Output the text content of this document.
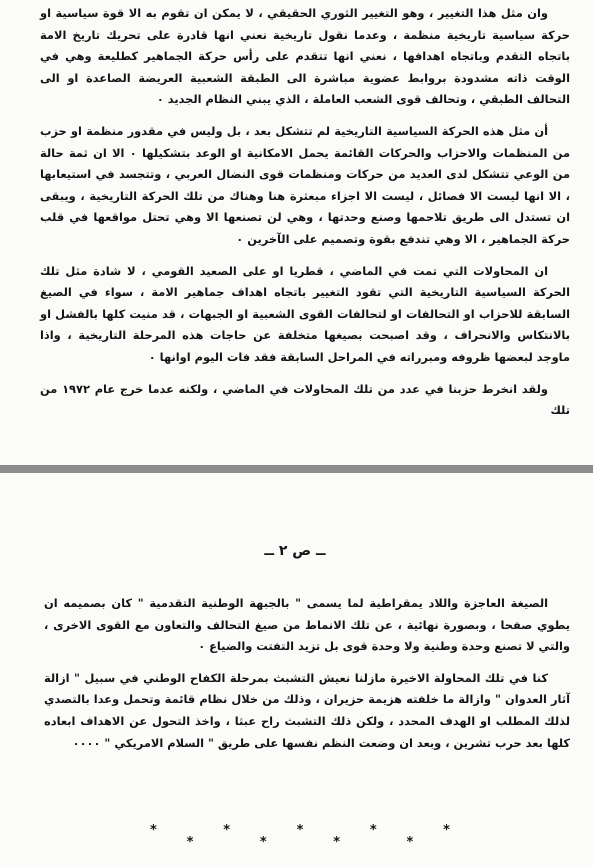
وان مثل هذا التغيير ، وهو التغيير الثوري الحقيقي ، لا يمكن ان تقوم به الا قوة سياسية او حركة سياسية تاريخية منظمة ، وعدما نقول تاريخية نعني انها قادرة على تحريك تاريخ الامة باتجاه التقدم وباتجاه اهدافها ، نعني انها تتقدم على رأس حركة الجماهير كطليعة وهي في الوقت ذاته مشدودة بروابط عضوية مباشرة الى الطبقة الشعبية العريضة الصاعدة او الى التحالف الطبقي ، وتحالف قوى الشعب العاملة ، الذي يبني النظام الجديد ٠

أن مثل هذه الحركة السياسية التاريخية لم تتشكل بعد ، بل وليس في مقدور منظمة او حزب من المنظمات والاحزاب والحركات القائمة يحمل الامكانية او الوعد بتشكيلها ٠ الا ان ثمة حالة من الوعي تتشكل لدى العديد من حركات ومنظمات قوى النضال العربي ، وتتجسد في استيعابها ، الا انها ليست الا فصائل ، ليست الا اجزاء مبعثرة هنا وهناك من تلك الحركة التاريخية ، ويبقى ان تستدل الى طريق تلاحمها وصنع وحدتها ، وهي لن تصنعها الا وهي تحتل مواقعها في قلب حركة الجماهير ، الا وهي تندفع بقوة وتصميم على الآخرين ٠

ان المحاولات التي تمت في الماضي ، قطريا او على الصعيد القومي ، لا شادة مثل تلك الحركة السياسية التاريخية التي تقود التغيير باتجاه اهداف جماهير الامة ، سواء في الصيغ السابقة للاحزاب او التحالفات او لتحالفات القوى الشعبية او الجبهات ، قد منيت كلها بالفشل او بالانتكاس والانحراف ، وقد اصبحت بصيغها متخلفة عن حاجات هذه المرحلة التاريخية ، واذا ماوجد لبعضها ظروفه ومبرراته في المراحل السابقة فقد فات اليوم اوانها ٠

ولقد انخرط حزبنا في عدد من تلك المحاولات في الماضي ، ولكنه عدما خرج عام ١٩٧٢ من تلك

ــ ص ٢ ــ

الصيغة العاجزة واللاد يمقراطية لما يسمى " بالجبهة الوطنية التقدمية " كان بصميمه ان يطوي صفحا ، وبصورة نهائية ، عن تلك الانماط من صيغ التحالف والتعاون مع القوى الاخرى ، والتي لا تصنع وحدة وطنية ولا وحدة قوى بل تزيد التفتت والضياع ٠

كنا في تلك المحاولة الاخيرة مازلنا نعيش التشبث بمرحلة الكفاح الوطني في سبيل " ازالة آثار العدوان " وازالة ما خلفته هزيمة حزيران ، وذلك من خلال نظام قائمة وتحمل وعدا بالتصدي لذلك المطلب او الهدف المحدد ، ولكن ذلك التشبث راح عبثا ، واخذ التحول عن الاهداف ابعاده كلها بعد حرب تشرين ، وبعد ان وضعت النظم نفسها على طريق " السلام الامريكي " ٠٠٠٠

*
*
*
*
*
*
*
*
*
